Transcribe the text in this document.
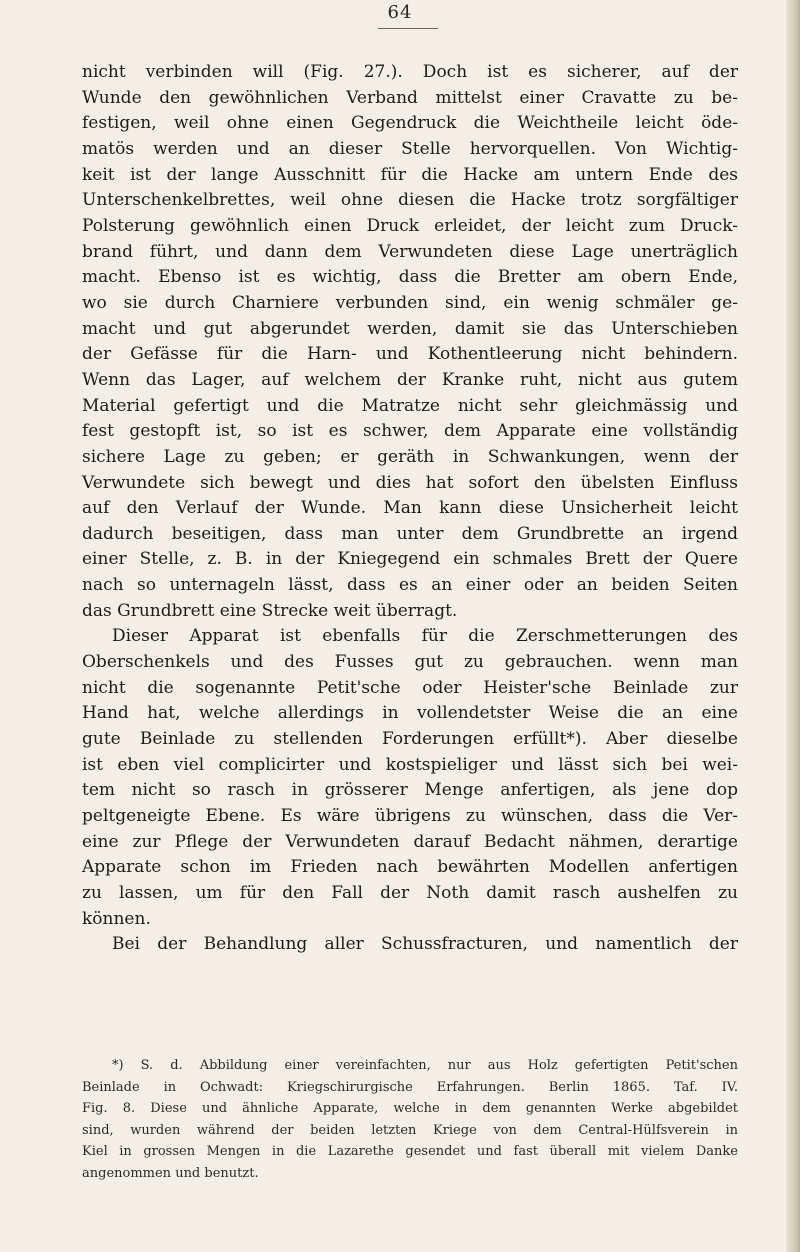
64
nicht verbinden will (Fig. 27.). Doch ist es sicherer, auf der
Wunde den gewöhnlichen Verband mittelst einer Cravatte zu be-
festigen, weil ohne einen Gegendruck die Weichtheile leicht öde-
matös werden und an dieser Stelle hervorquellen. Von Wichtig-
keit ist der lange Ausschnitt für die Hacke am untern Ende des
Unterschenkelbrettes, weil ohne diesen die Hacke trotz sorgfältiger
Polsterung gewöhnlich einen Druck erleidet, der leicht zum Druck-
brand führt, und dann dem Verwundeten diese Lage unerträglich
macht. Ebenso ist es wichtig, dass die Bretter am obern Ende,
wo sie durch Charniere verbunden sind, ein wenig schmäler ge-
macht und gut abgerundet werden, damit sie das Unterschieben
der Gefässe für die Harn- und Kothentleerung nicht behindern.
Wenn das Lager, auf welchem der Kranke ruht, nicht aus gutem
Material gefertigt und die Matratze nicht sehr gleichmässig und
fest gestopft ist, so ist es schwer, dem Apparate eine vollständig
sichere Lage zu geben; er geräth in Schwankungen, wenn der
Verwundete sich bewegt und dies hat sofort den übelsten Einfluss
auf den Verlauf der Wunde. Man kann diese Unsicherheit leicht
dadurch beseitigen, dass man unter dem Grundbrette an irgend
einer Stelle, z. B. in der Kniegegend ein schmales Brett der Quere
nach so unternageln lässt, dass es an einer oder an beiden Seiten
das Grundbrett eine Strecke weit überragt.
Dieser Apparat ist ebenfalls für die Zerschmetterungen des
Oberschenkels und des Fusses gut zu gebrauchen. wenn man
nicht die sogenannte Petit'sche oder Heister'sche Beinlade zur
Hand hat, welche allerdings in vollendetster Weise die an eine
gute Beinlade zu stellenden Forderungen erfüllt*). Aber dieselbe
ist eben viel complicirter und kostspieliger und lässt sich bei wei-
tem nicht so rasch in grösserer Menge anfertigen, als jene dop
peltgeneigte Ebene. Es wäre übrigens zu wünschen, dass die Ver-
eine zur Pflege der Verwundeten darauf Bedacht nähmen, derartige
Apparate schon im Frieden nach bewährten Modellen anfertigen
zu lassen, um für den Fall der Noth damit rasch aushelfen zu
können.
Bei der Behandlung aller Schussfracturen, und namentlich der
*) S. d. Abbildung einer vereinfachten, nur aus Holz gefertigten Petit'schen
Beinlade in Ochwadt: Kriegschirurgische Erfahrungen. Berlin 1865. Taf. IV.
Fig. 8. Diese und ähnliche Apparate, welche in dem genannten Werke abgebildet
sind, wurden während der beiden letzten Kriege von dem Central-Hülfsverein in
Kiel in grossen Mengen in die Lazarethe gesendet und fast überall mit vielem Danke
angenommen und benutzt.
